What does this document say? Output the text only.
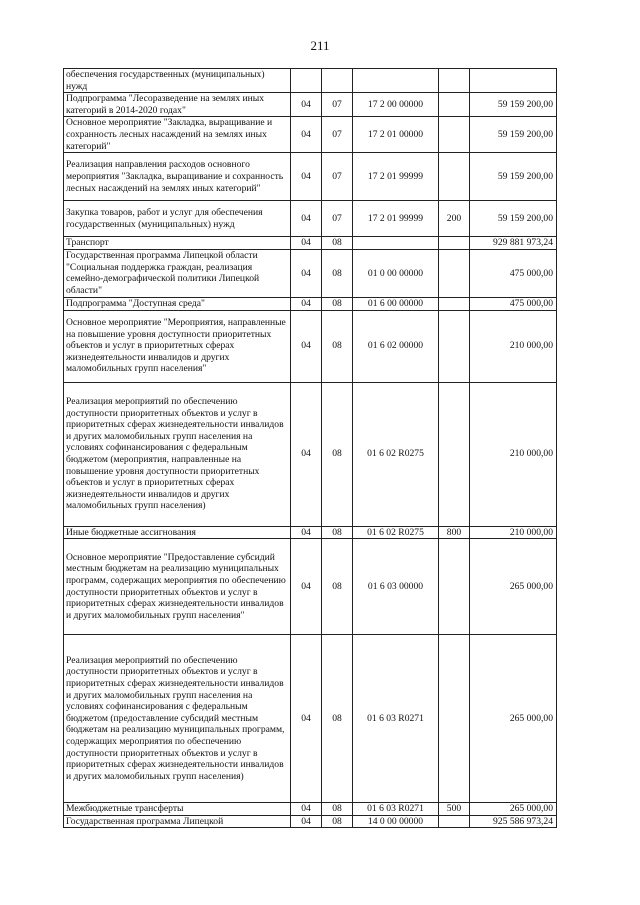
211
обеспечения государственных (муниципальных) нужд					
Подпрограмма "Лесоразведение на землях иных категорий в 2014-2020 годах"	04	07	17 2 00 00000		59 159 200,00
Основное мероприятие "Закладка, выращивание и сохранность лесных насаждений на землях иных категорий"	04	07	17 2 01 00000		59 159 200,00
Реализация направления расходов основного мероприятия "Закладка, выращивание и сохранность лесных насаждений на землях иных категорий"	04	07	17 2 01 99999		59 159 200,00
Закупка товаров, работ и услуг для обеспечения государственных (муниципальных) нужд	04	07	17 2 01 99999	200	59 159 200,00
Транспорт	04	08			929 881 973,24
Государственная программа Липецкой области "Социальная поддержка граждан, реализация семейно-демографической политики Липецкой области"	04	08	01 0 00 00000		475 000,00
Подпрограмма "Доступная среда"	04	08	01 6 00 00000		475 000,00
Основное мероприятие "Мероприятия, направленные на повышение уровня доступности приоритетных объектов и услуг в приоритетных сферах жизнедеятельности инвалидов и других маломобильных групп населения"	04	08	01 6 02 00000		210 000,00
Реализация мероприятий по обеспечению доступности приоритетных объектов и услуг в приоритетных сферах жизнедеятельности инвалидов и других маломобильных групп населения на условиях софинансирования с федеральным бюджетом (мероприятия, направленные на повышение уровня доступности приоритетных объектов и услуг в приоритетных сферах жизнедеятельности инвалидов и других маломобильных групп населения)	04	08	01 6 02 R0275		210 000,00
Иные бюджетные ассигнования	04	08	01 6 02 R0275	800	210 000,00
Основное мероприятие "Предоставление субсидий местным бюджетам на реализацию муниципальных программ, содержащих мероприятия по обеспечению доступности приоритетных объектов и услуг в приоритетных сферах жизнедеятельности инвалидов и других маломобильных групп населения"	04	08	01 6 03 00000		265 000,00
Реализация мероприятий по обеспечению доступности приоритетных объектов и услуг в приоритетных сферах жизнедеятельности инвалидов и других маломобильных групп населения на условиях софинансирования с федеральным бюджетом (предоставление субсидий местным бюджетам на реализацию муниципальных программ, содержащих мероприятия по обеспечению доступности приоритетных объектов и услуг в приоритетных сферах жизнедеятельности инвалидов и других маломобильных групп населения)	04	08	01 6 03 R0271		265 000,00
Межбюджетные трансферты	04	08	01 6 03 R0271	500	265 000,00
Государственная программа Липецкой	04	08	14 0 00 00000		925 586 973,24
